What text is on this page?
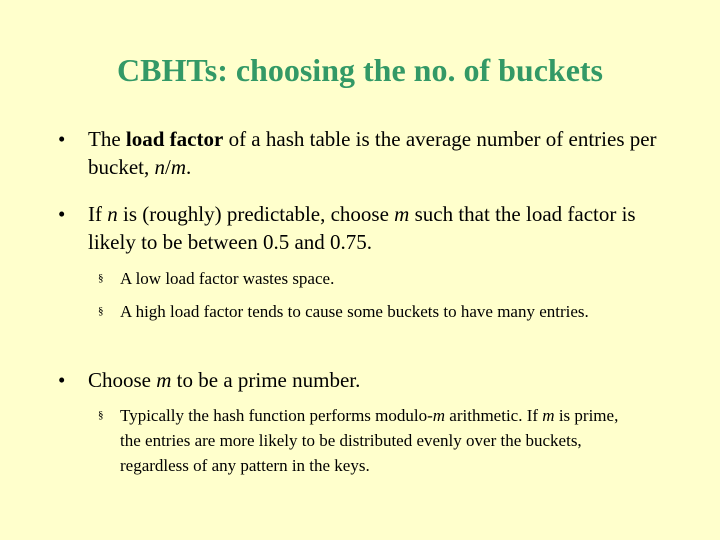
CBHTs: choosing the no. of buckets
• The load factor of a hash table is the average number of entries per bucket, n/m.
• If n is (roughly) predictable, choose m such that the load factor is likely to be between 0.5 and 0.75.
§ A low load factor wastes space.
§ A high load factor tends to cause some buckets to have many entries.
• Choose m to be a prime number.
§ Typically the hash function performs modulo-m arithmetic. If m is prime, the entries are more likely to be distributed evenly over the buckets, regardless of any pattern in the keys.
